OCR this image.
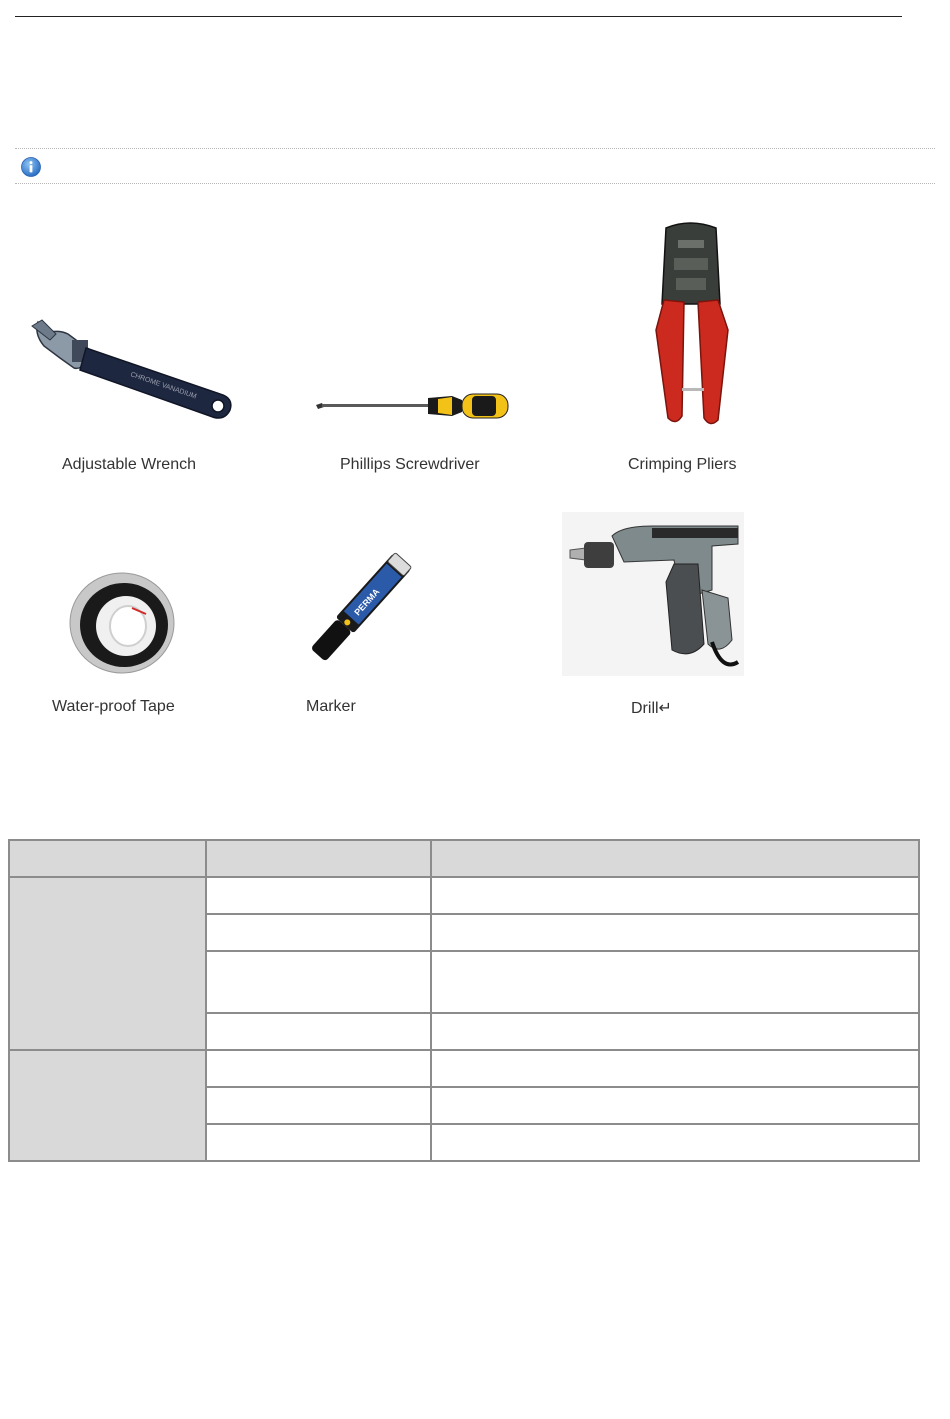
CHROME VANADIUM
PERMA
Adjustable Wrench	Phillips Screwdriver	Crimping Pliers
Water-proof Tape	Marker	Drill↵
